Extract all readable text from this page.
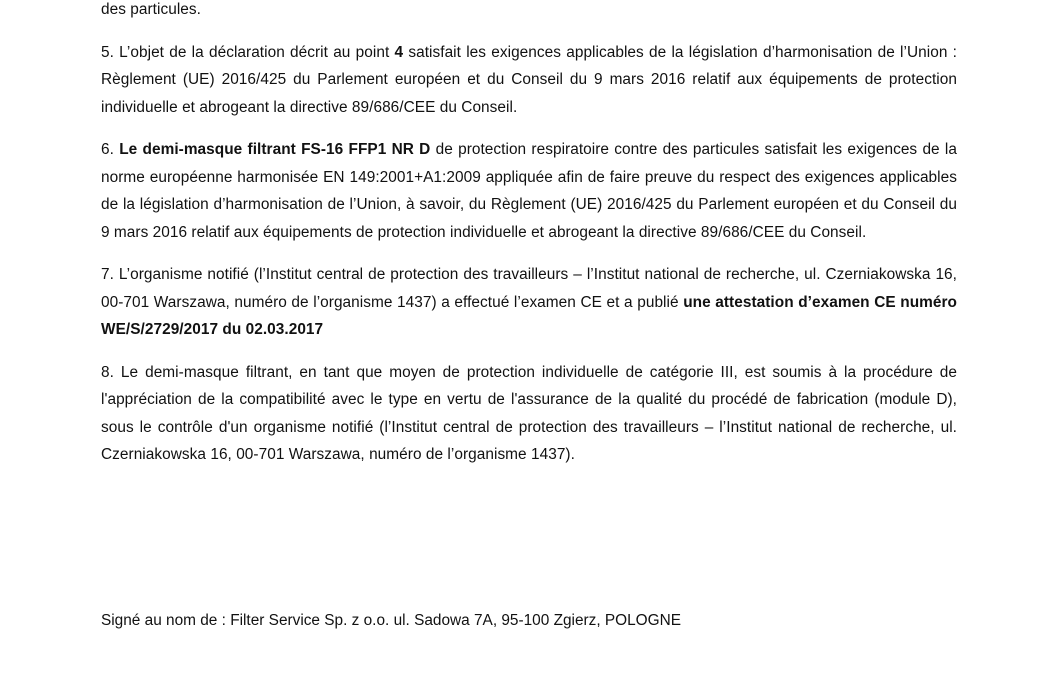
des particules.

5. L’objet de la déclaration décrit au point 4 satisfait les exigences applicables de la législation d’harmonisation de l’Union : Règlement (UE) 2016/425 du Parlement européen et du Conseil du 9 mars 2016 relatif aux équipements de protection individuelle et abrogeant la directive 89/686/CEE du Conseil.

6. Le demi-masque filtrant FS-16 FFP1 NR D de protection respiratoire contre des particules satisfait les exigences de la norme européenne harmonisée EN 149:2001+A1:2009 appliquée afin de faire preuve du respect des exigences applicables de la législation d’harmonisation de l’Union, à savoir, du Règlement (UE) 2016/425 du Parlement européen et du Conseil du 9 mars 2016 relatif aux équipements de protection individuelle et abrogeant la directive 89/686/CEE du Conseil.

7. L’organisme notifié (l’Institut central de protection des travailleurs – l’Institut national de recherche, ul. Czerniakowska 16, 00-701 Warszawa, numéro de l’organisme 1437) a effectué l’examen CE et a publié une attestation d’examen CE numéro WE/S/2729/2017 du 02.03.2017

8. Le demi-masque filtrant, en tant que moyen de protection individuelle de catégorie III, est soumis à la procédure de l'appréciation de la compatibilité avec le type en vertu de l'assurance de la qualité du procédé de fabrication (module D), sous le contrôle d'un organisme notifié (l’Institut central de protection des travailleurs – l’Institut national de recherche, ul. Czerniakowska 16, 00-701 Warszawa, numéro de l’organisme 1437).

Signé au nom de : Filter Service Sp. z o.o. ul. Sadowa 7A, 95-100 Zgierz, POLOGNE
